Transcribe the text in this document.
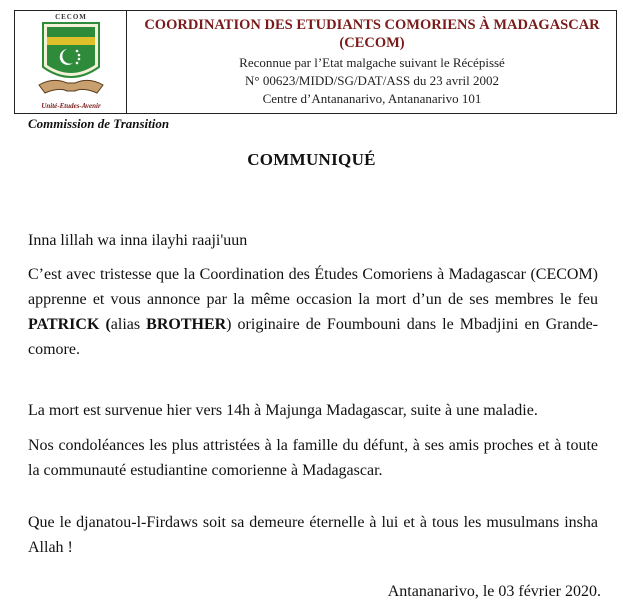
CECOM
Unité-Etudes-Avenir
COORDINATION DES ETUDIANTS COMORIENS À MADAGASCAR
(CECOM)
Reconnue par l’Etat malgache suivant le Récépissé
N° 00623/MIDD/SG/DAT/ASS du 23 avril 2002
Centre d’Antananarivo, Antananarivo 101
Commission de Transition
COMMUNIQUÉ
Inna lillah wa inna ilayhi raaji'uun
C’est avec tristesse que la Coordination des Études Comoriens à Madagascar (CECOM) apprenne et vous annonce par la même occasion la mort d’un de ses membres le feu PATRICK (alias BROTHER) originaire de Foumbouni dans le Mbadjini en Grande-comore.
La mort est survenue hier vers 14h à Majunga Madagascar, suite à une maladie.
Nos condoléances les plus attristées à la famille du défunt, à ses amis proches et à toute la communauté estudiantine comorienne à Madagascar.
Que le djanatou-l-Firdaws soit sa demeure éternelle à lui et à tous les musulmans insha Allah !
Antananarivo, le 03 février 2020.
